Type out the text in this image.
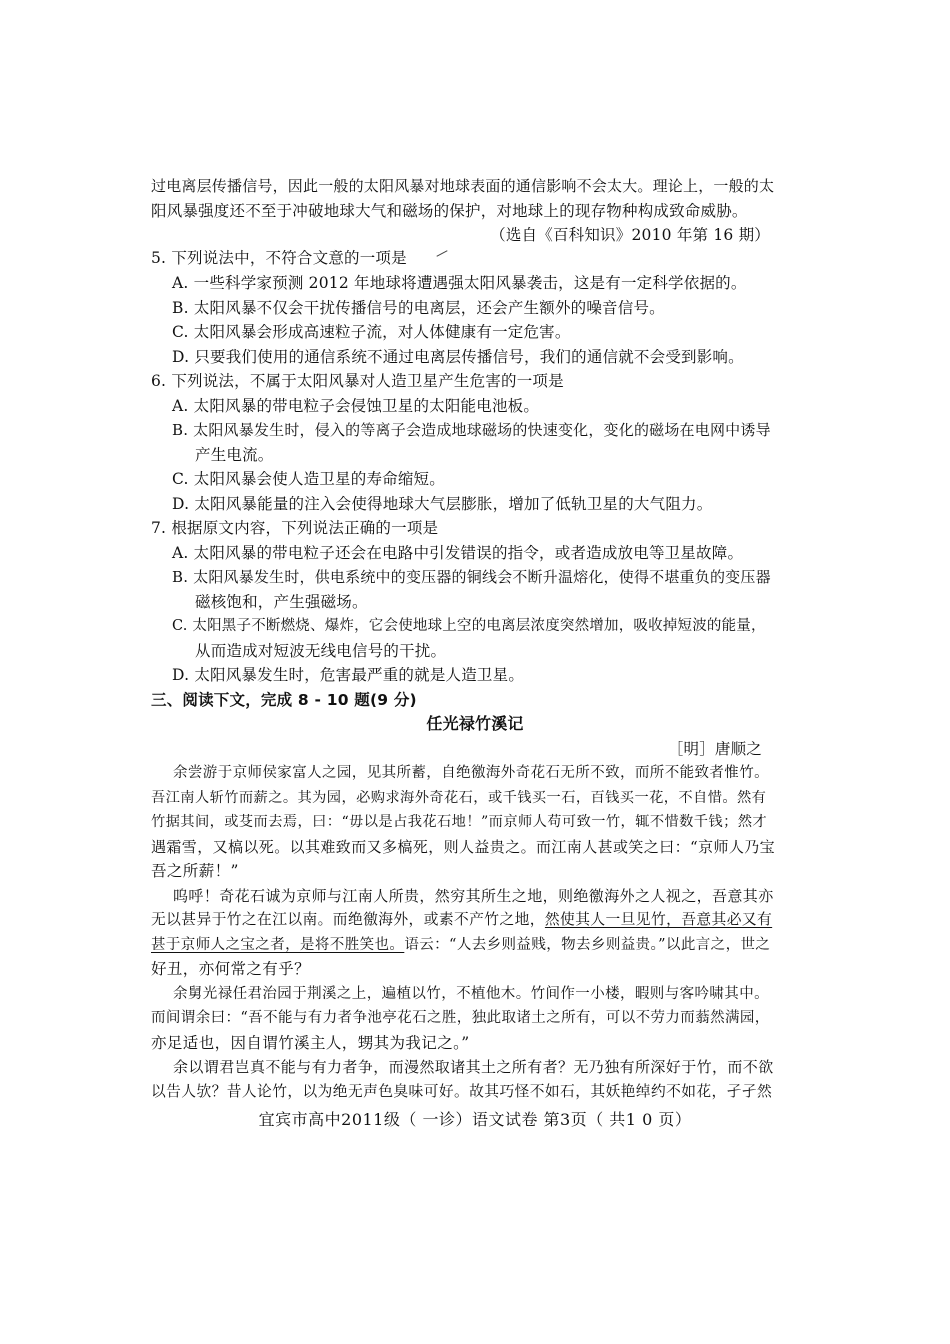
过电离层传播信号，因此一般的太阳风暴对地球表面的通信影响不会太大。理论上，一般的太
阳风暴强度还不至于冲破地球大气和磁场的保护，对地球上的现存物种构成致命威胁。
（选自《百科知识》2010 年第 16 期）
5. 下列说法中，不符合文意的一项是
A. 一些科学家预测 2012 年地球将遭遇强太阳风暴袭击，这是有一定科学依据的。
B. 太阳风暴不仅会干扰传播信号的电离层，还会产生额外的噪音信号。
C. 太阳风暴会形成高速粒子流，对人体健康有一定危害。
D. 只要我们使用的通信系统不通过电离层传播信号，我们的通信就不会受到影响。
6. 下列说法，不属于太阳风暴对人造卫星产生危害的一项是
A. 太阳风暴的带电粒子会侵蚀卫星的太阳能电池板。
B. 太阳风暴发生时，侵入的等离子会造成地球磁场的快速变化，变化的磁场在电网中诱导
产生电流。
C. 太阳风暴会使人造卫星的寿命缩短。
D. 太阳风暴能量的注入会使得地球大气层膨胀，增加了低轨卫星的大气阻力。
7. 根据原文内容，下列说法正确的一项是
A. 太阳风暴的带电粒子还会在电路中引发错误的指令，或者造成放电等卫星故障。
B. 太阳风暴发生时，供电系统中的变压器的铜线会不断升温熔化，使得不堪重负的变压器
磁核饱和，产生强磁场。
C. 太阳黑子不断燃烧、爆炸，它会使地球上空的电离层浓度突然增加，吸收掉短波的能量，
从而造成对短波无线电信号的干扰。
D. 太阳风暴发生时，危害最严重的就是人造卫星。
三、阅读下文，完成 8 - 10 题(9 分)
任光禄竹溪记
［明］唐顺之
余尝游于京师侯家富人之园，见其所蓄，自绝徼海外奇花石无所不致，而所不能致者惟竹。
吾江南人斩竹而薪之。其为园，必购求海外奇花石，或千钱买一石，百钱买一花，不自惜。然有
竹据其间，或芟而去焉，曰：“毋以是占我花石地！”而京师人苟可致一竹，辄不惜数千钱；然才
遇霜雪，又槁以死。以其难致而又多槁死，则人益贵之。而江南人甚或笑之曰：“京师人乃宝
吾之所薪！”
呜呼！奇花石诚为京师与江南人所贵，然穷其所生之地，则绝徼海外之人视之，吾意其亦
无以甚异于竹之在江以南。而绝徼海外，或素不产竹之地，然使其人一旦见竹，吾意其必又有
甚于京师人之宝之者，是将不胜笑也。语云：“人去乡则益贱，物去乡则益贵。”以此言之，世之
好丑，亦何常之有乎？
余舅光禄任君治园于荆溪之上，遍植以竹，不植他木。竹间作一小楼，暇则与客吟啸其中。
而间谓余曰：“吾不能与有力者争池亭花石之胜，独此取诸土之所有，可以不劳力而蓊然满园，
亦足适也，因自谓竹溪主人，甥其为我记之。”
余以谓君岂真不能与有力者争，而漫然取诸其土之所有者？无乃独有所深好于竹，而不欲
以告人欤？昔人论竹，以为绝无声色臭味可好。故其巧怪不如石，其妖艳绰约不如花，孑孑然
宜宾市高中2011级（ 一诊）语文试卷 第3页（ 共1 0 页）
